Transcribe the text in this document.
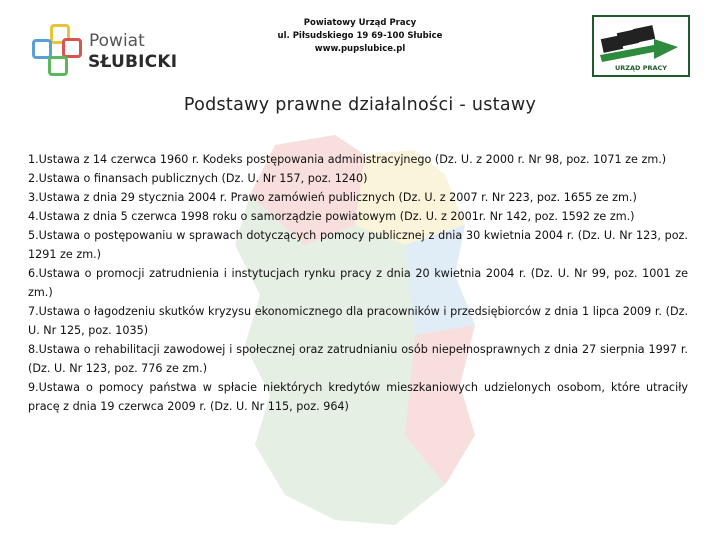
Powiat
SŁUBICKI
Powiatowy Urząd Pracy
ul. Piłsudskiego 19 69-100 Słubice
www.pupslubice.pl
URZĄD PRACY
Podstawy prawne działalności - ustawy
1.Ustawa z 14 czerwca 1960 r. Kodeks postępowania administracyjnego (Dz. U. z 2000 r. Nr 98, poz. 1071 ze zm.)
2.Ustawa o finansach publicznych (Dz. U. Nr 157, poz. 1240)
3.Ustawa z dnia 29 stycznia 2004 r. Prawo zamówień publicznych (Dz. U. z 2007 r. Nr 223, poz. 1655 ze zm.)
4.Ustawa z dnia 5 czerwca 1998 roku o samorządzie powiatowym (Dz. U. z 2001r. Nr 142, poz. 1592 ze zm.)
5.Ustawa o postępowaniu w sprawach dotyczących pomocy publicznej z dnia 30 kwietnia 2004 r. (Dz. U. Nr 123, poz. 1291 ze zm.)
6.Ustawa o promocji zatrudnienia i instytucjach rynku pracy z dnia 20 kwietnia 2004 r. (Dz. U. Nr 99, poz. 1001 ze zm.)
7.Ustawa o łagodzeniu skutków kryzysu ekonomicznego dla pracowników i przedsiębiorców z dnia 1 lipca 2009 r. (Dz. U. Nr 125, poz. 1035)
8.Ustawa o rehabilitacji zawodowej i społecznej oraz zatrudnianiu osób niepełnosprawnych z dnia 27 sierpnia 1997 r. (Dz. U. Nr 123, poz. 776 ze zm.)
9.Ustawa o pomocy państwa w spłacie niektórych kredytów mieszkaniowych udzielonych osobom, które utraciły pracę z dnia 19 czerwca 2009 r. (Dz. U. Nr 115, poz. 964)
